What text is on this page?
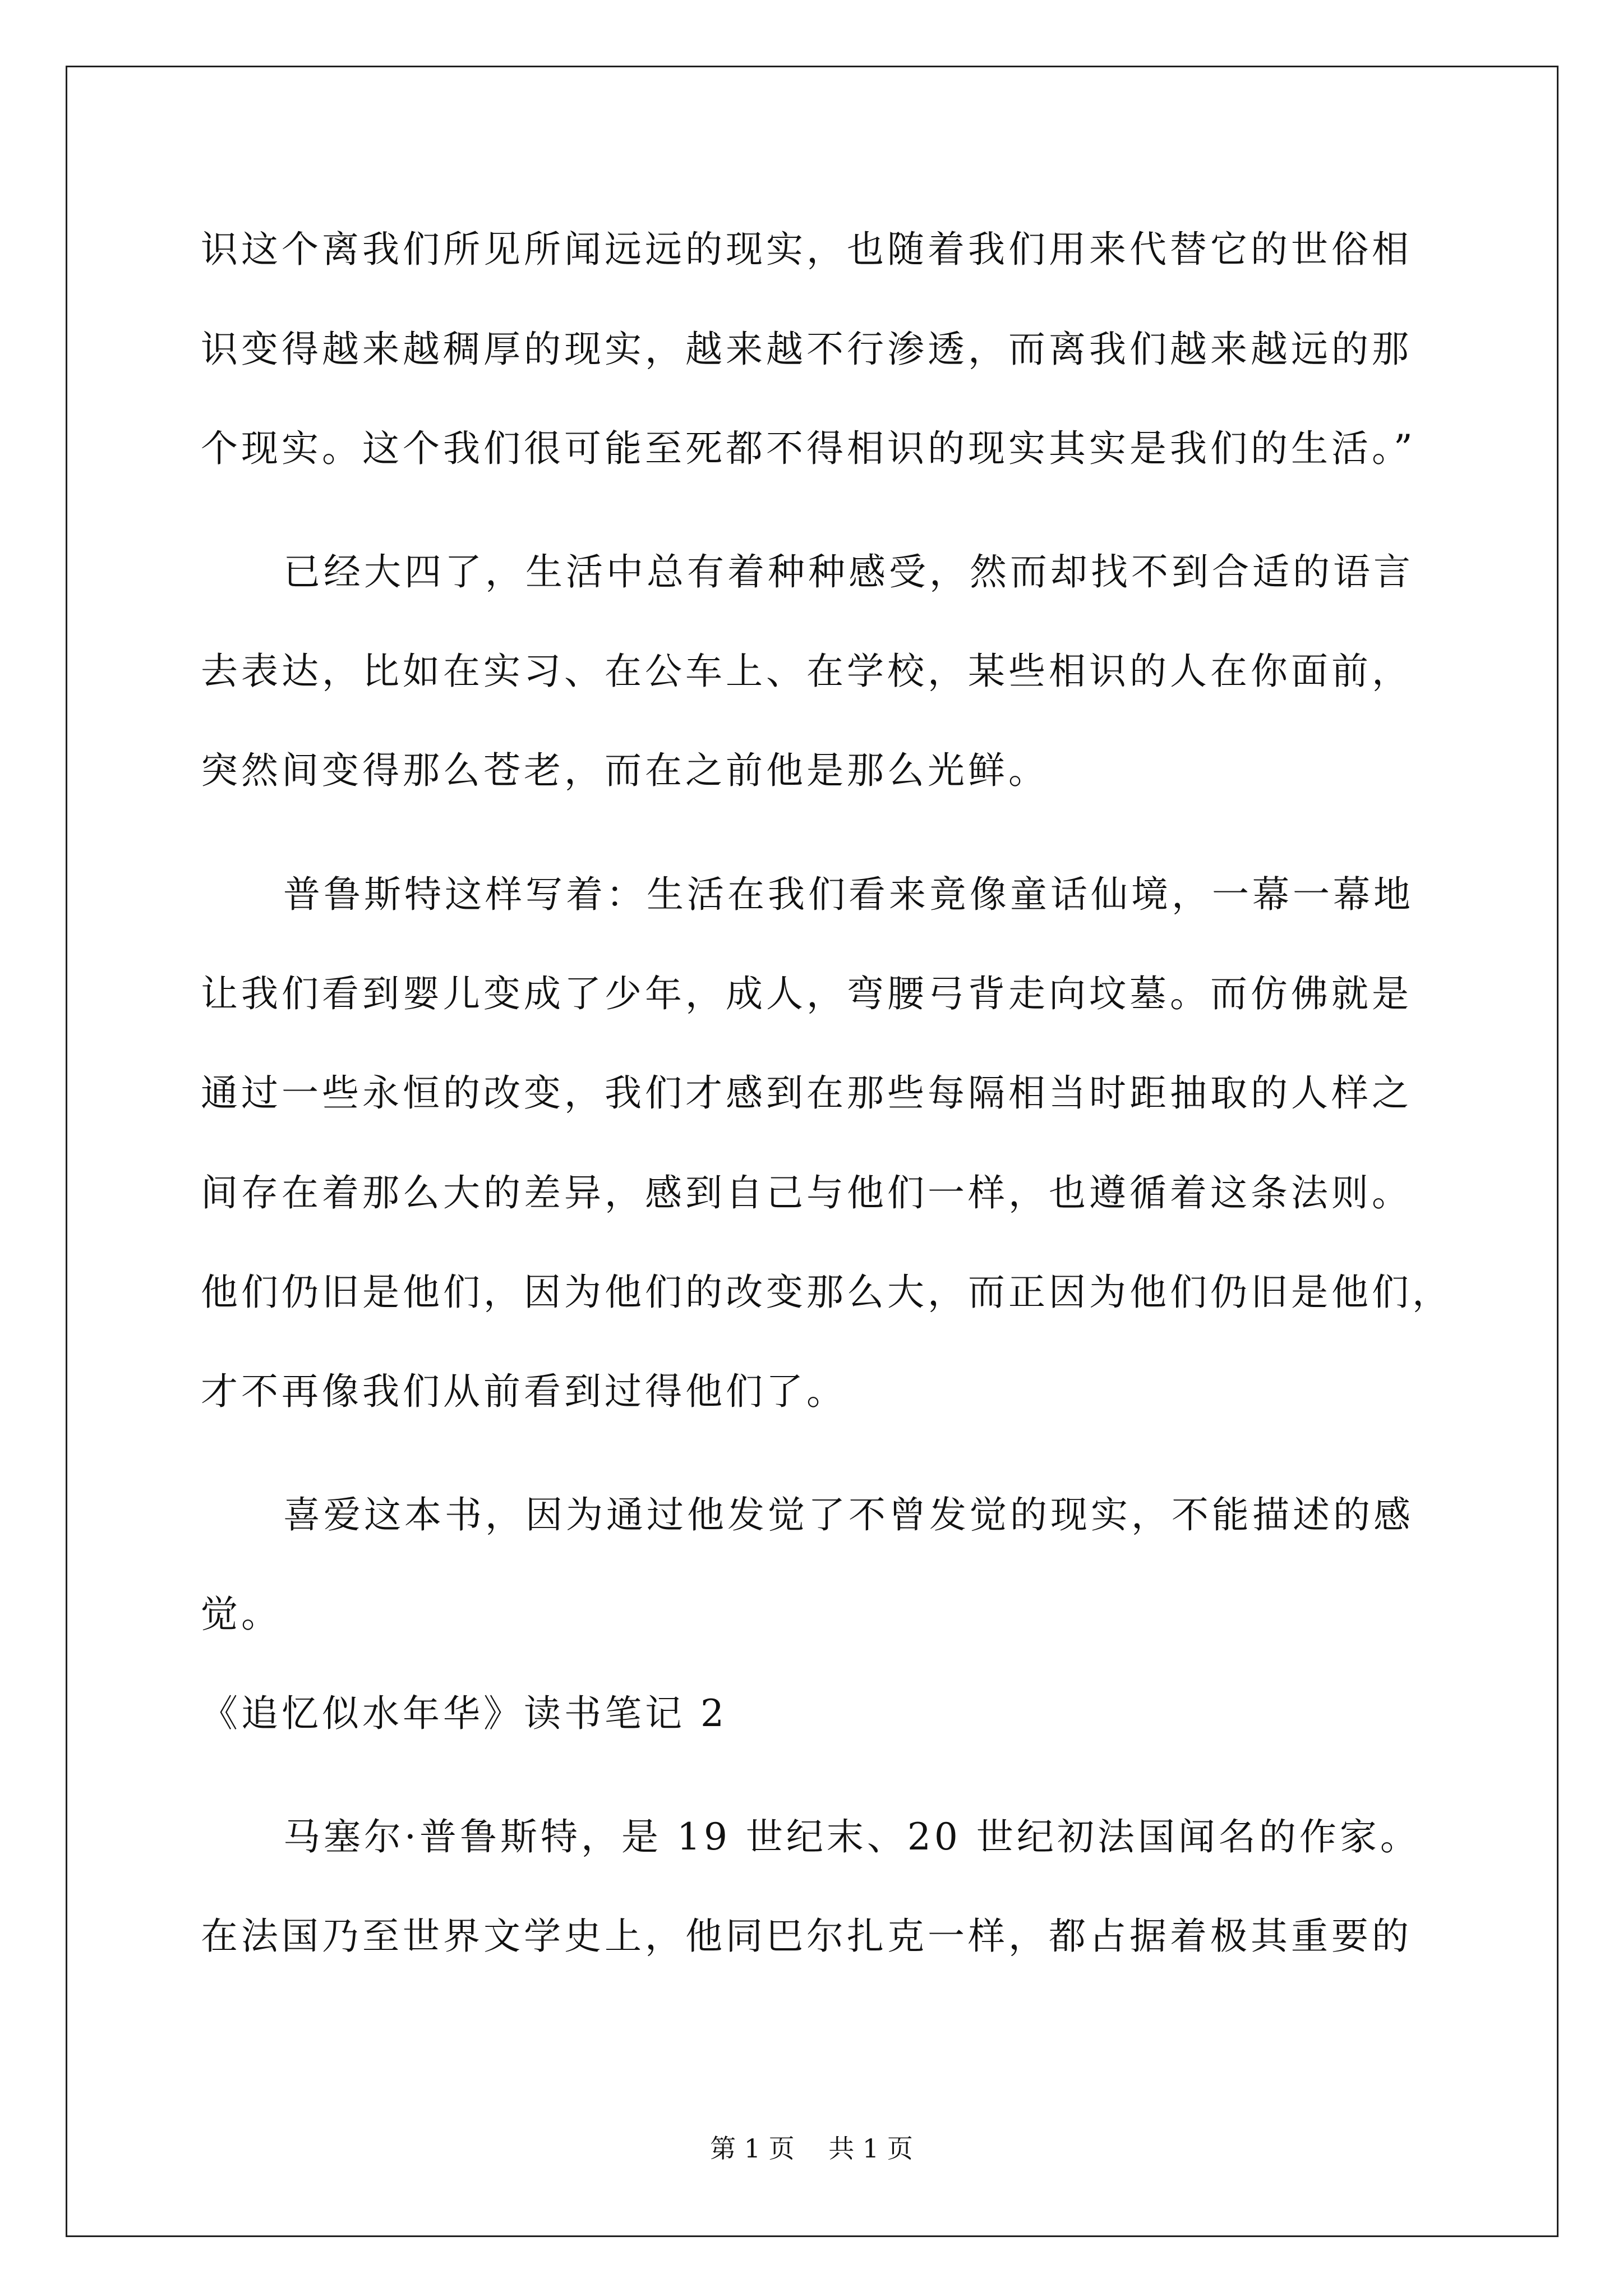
识这个离我们所见所闻远远的现实，也随着我们用来代替它的世俗相
识变得越来越稠厚的现实，越来越不行渗透，而离我们越来越远的那
个现实。这个我们很可能至死都不得相识的现实其实是我们的生活。”
已经大四了，生活中总有着种种感受，然而却找不到合适的语言
去表达，比如在实习、在公车上、在学校，某些相识的人在你面前，
突然间变得那么苍老，而在之前他是那么光鲜。
普鲁斯特这样写着：生活在我们看来竟像童话仙境，一幕一幕地
让我们看到婴儿变成了少年，成人，弯腰弓背走向坟墓。而仿佛就是
通过一些永恒的改变，我们才感到在那些每隔相当时距抽取的人样之
间存在着那么大的差异，感到自己与他们一样，也遵循着这条法则。
他们仍旧是他们，因为他们的改变那么大，而正因为他们仍旧是他们，
才不再像我们从前看到过得他们了。
喜爱这本书，因为通过他发觉了不曾发觉的现实，不能描述的感
觉。
《追忆似水年华》读书笔记 2
马塞尔·普鲁斯特，是 19 世纪末、20 世纪初法国闻名的作家。
在法国乃至世界文学史上，他同巴尔扎克一样，都占据着极其重要的
第 1 页　 共 1 页
